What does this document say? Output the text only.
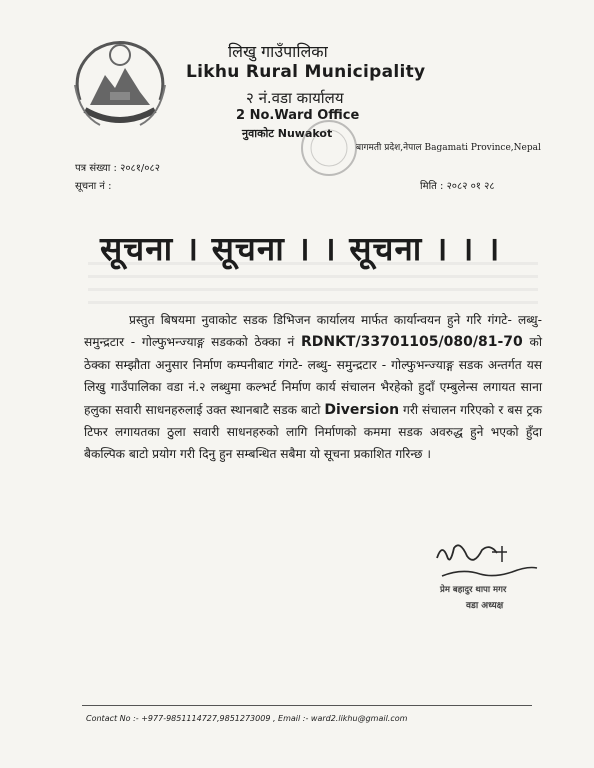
लिखु गाउँपालिका
Likhu Rural Municipality
२ नं.वडा कार्यालय
2 No.Ward Office
नुवाकोट Nuwakot
बागमती प्रदेश,नेपाल Bagamati Province,Nepal
पत्र संख्या : २०८१/०८२
सूचना नं :	मिति : २०८२ ०१ २८
सूचना । सूचना । । सूचना । । ।
प्रस्तुत बिषयमा नुवाकोट सडक डिभिजन कार्यालय मार्फत कार्यान्वयन हुने गरि गंगटे- लब्धु- समुन्द्रटार - गोल्फुभन्ज्याङ्ग सडकको ठेक्का नं RDNKT/33701105/080/81-70 को ठेक्का सम्झौता अनुसार निर्माण कम्पनीबाट गंगटे- लब्धु- समुन्द्रटार - गोल्फुभन्ज्याङ्ग सडक अन्तर्गत यस लिखु गाउँपालिका वडा नं.२ लब्धुमा कल्भर्ट निर्माण कार्य संचालन भैरहेको हुदाँ एम्बुलेन्स लगायत साना हलुका सवारी साधनहरुलाई उक्त स्थानबाटै सडक बाटो Diversion गरी संचालन गरिएको र बस ट्रक टिफर लगायतका ठुला सवारी साधनहरुको लागि निर्माणको कममा सडक अवरुद्ध हुने भएको हुँदा बैकल्पिक बाटो प्रयोग गरी दिनु हुन सम्बन्धित सबैमा यो सूचना प्रकाशित गरिन्छ ।
प्रेम बहादुर थापा मगर
वडा अध्यक्ष
Contact No :- +977-9851114727,9851273009 , Email :- ward2.likhu@gmail.com
